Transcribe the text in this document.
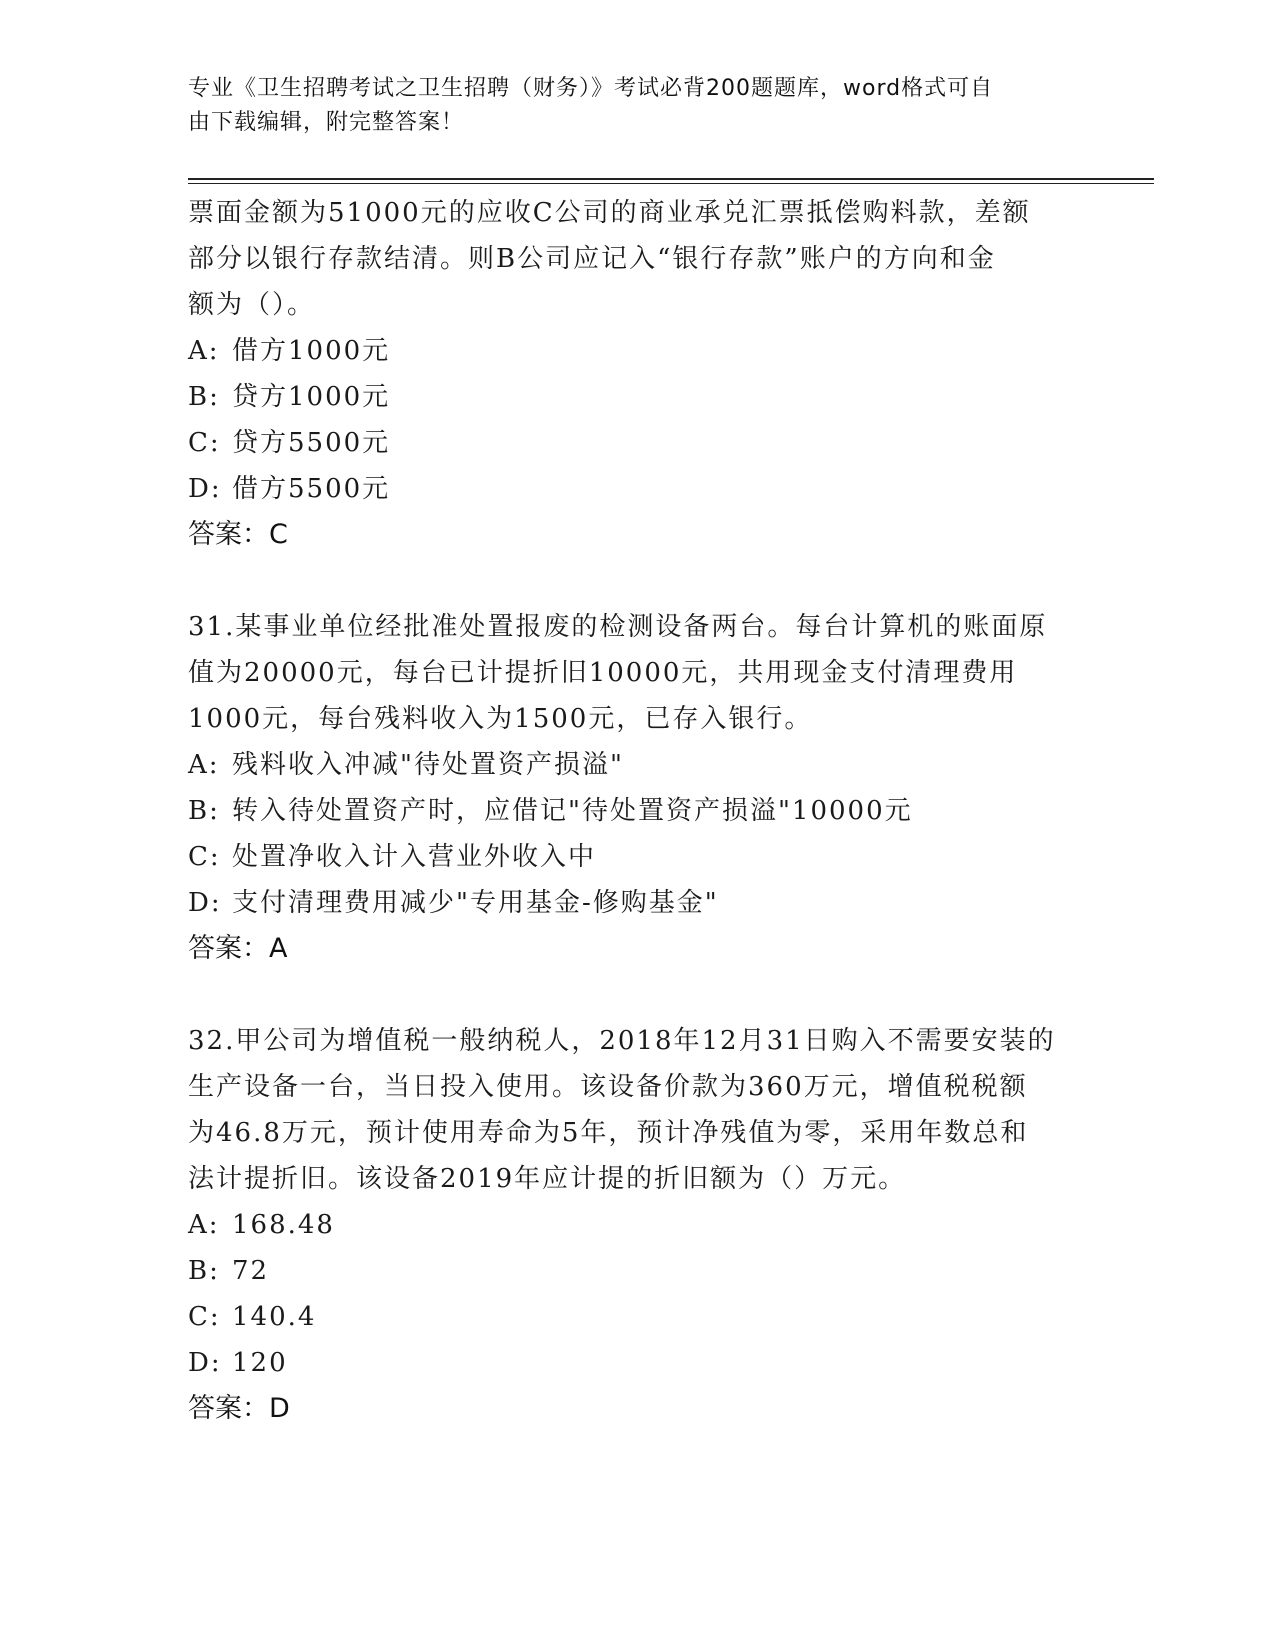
专业《卫生招聘考试之卫生招聘（财务）》考试必背200题题库，word格式可自
由下载编辑，附完整答案！

票面金额为51000元的应收C公司的商业承兑汇票抵偿购料款，差额

部分以银行存款结清。则B公司应记入“银行存款”账户的方向和金

额为（）。

A: 借方1000元

B: 贷方1000元

C: 贷方5500元

D: 借方5500元

答案：C

31.某事业单位经批准处置报废的检测设备两台。每台计算机的账面原

值为20000元，每台已计提折旧10000元，共用现金支付清理费用

1000元，每台残料收入为1500元，已存入银行。

A: 残料收入冲减"待处置资产损溢"

B: 转入待处置资产时，应借记"待处置资产损溢"10000元

C: 处置净收入计入营业外收入中

D: 支付清理费用减少"专用基金-修购基金"

答案：A

32.甲公司为增值税一般纳税人，2018年12月31日购入不需要安装的

生产设备一台，当日投入使用。该设备价款为360万元，增值税税额

为46.8万元，预计使用寿命为5年，预计净残值为零，采用年数总和

法计提折旧。该设备2019年应计提的折旧额为（）万元。

A: 168.48

B: 72

C: 140.4

D: 120

答案：D
